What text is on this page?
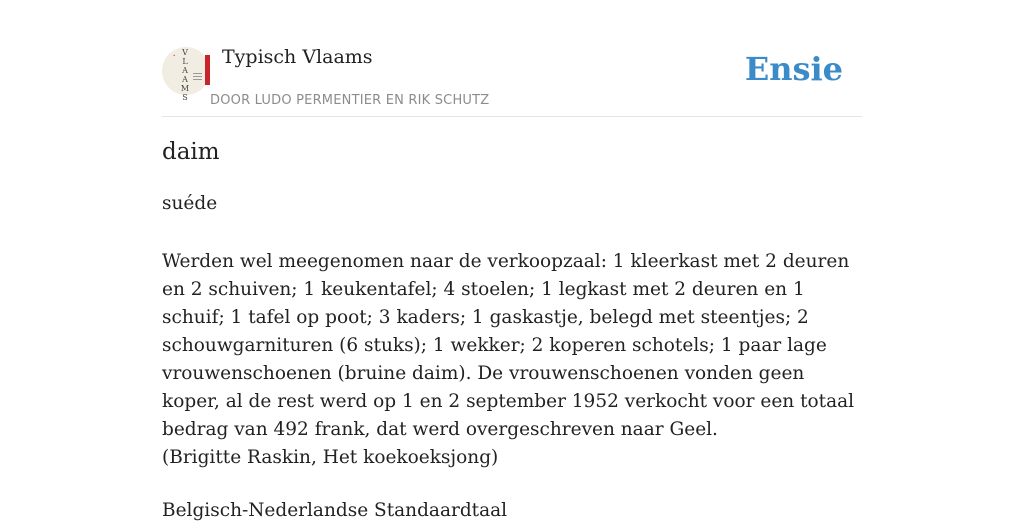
• V
L
A
A
M
S
Typisch Vlaams
DOOR LUDO PERMENTIER EN RIK SCHUTZ
Ensie
daim
suéde

Werden wel meegenomen naar de verkoopzaal: 1 kleerkast met 2 deuren en 2 schuiven; 1 keukentafel; 4 stoelen; 1 legkast met 2 deuren en 1 schuif; 1 tafel op poot; 3 kaders; 1 gaskastje, belegd met steentjes; 2 schouwgarnituren (6 stuks); 1 wekker; 2 koperen schotels; 1 paar lage vrouwenschoenen (bruine daim). De vrouwenschoenen vonden geen koper, al de rest werd op 1 en 2 september 1952 verkocht voor een totaal bedrag van 492 frank, dat werd overgeschreven naar Geel.

(Brigitte Raskin, Het koekoeksjong)

Belgisch-Nederlandse Standaardtaal
